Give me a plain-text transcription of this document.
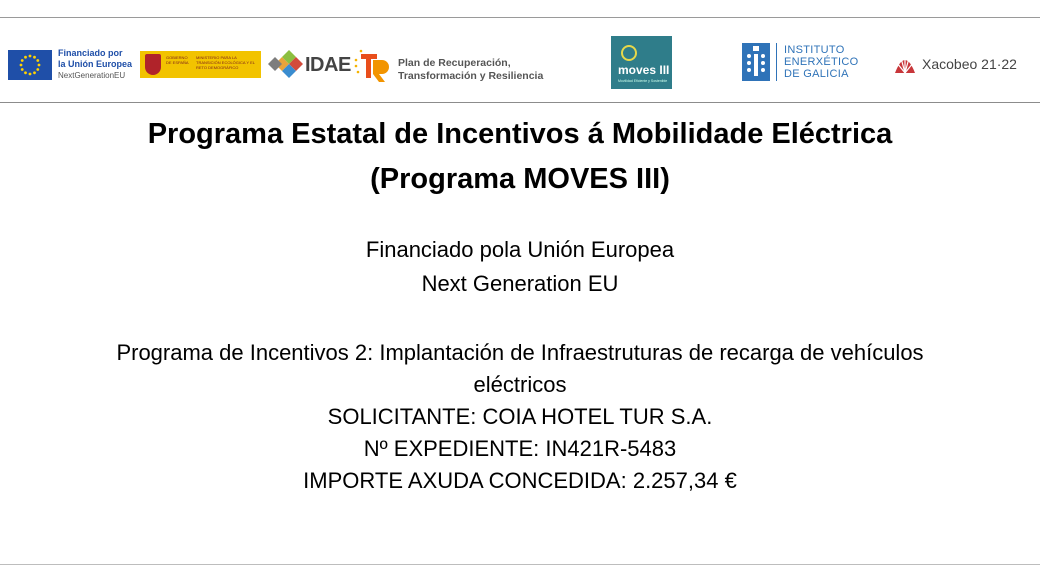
Financiado por
la Unión Europea
NextGenerationEU
GOBIERNO DE ESPAÑA
MINISTERIO PARA LA TRANSICIÓN ECOLÓGICA Y EL RETO DEMOGRÁFICO	IDAE	Plan de Recuperación,
Transformación y Resiliencia	moves III
Movilidad Eficiente y Sostenible
INSTITUTO
ENERXÉTICO
DE GALICIA
Xacobeo 21·22
Programa Estatal de Incentivos á Mobilidade Eléctrica
(Programa MOVES III)
Financiado pola Unión Europea
Next Generation EU
Programa de Incentivos 2: Implantación de Infraestruturas de recarga de vehículos
eléctricos
SOLICITANTE: COIA HOTEL TUR S.A.
Nº EXPEDIENTE: IN421R-5483
IMPORTE AXUDA CONCEDIDA: 2.257,34 €
